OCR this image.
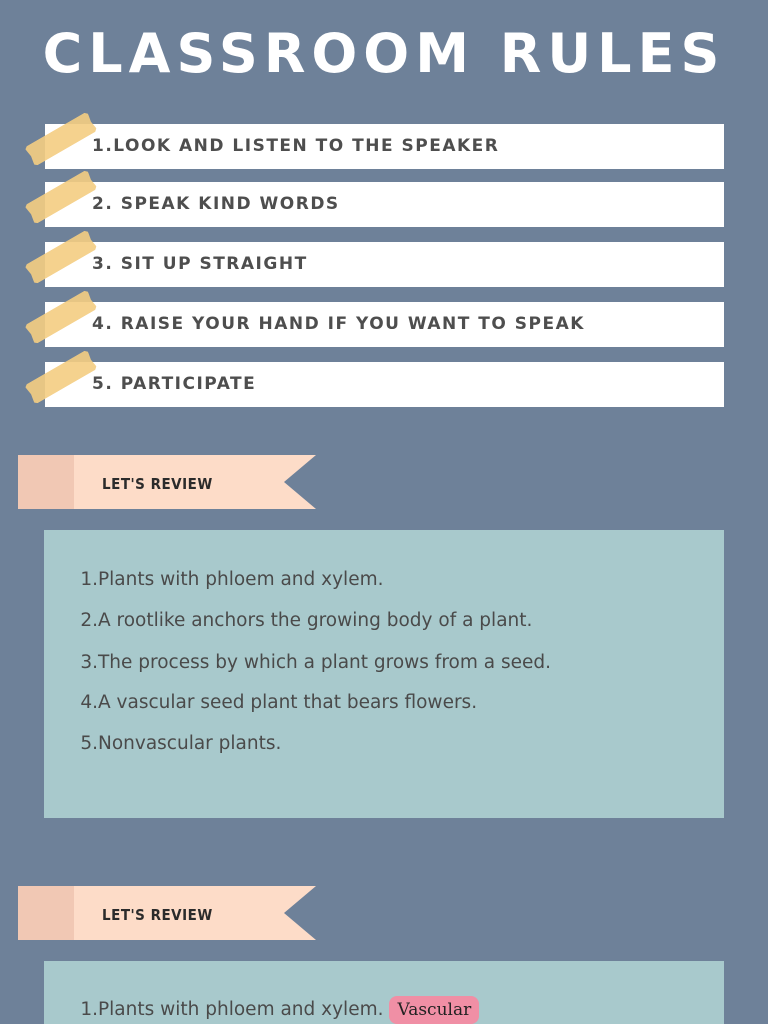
CLASSROOM RULES
1.LOOK AND LISTEN TO THE SPEAKER
2. SPEAK KIND WORDS
3. SIT UP STRAIGHT
4. RAISE YOUR HAND IF YOU WANT TO SPEAK
5. PARTICIPATE
LET'S REVIEW
1.Plants with phloem and xylem.
2.A rootlike anchors the growing body of a plant.
3.The process by which a plant grows from a seed.
4.A vascular seed plant that bears flowers.
5.Nonvascular plants.
LET'S REVIEW
1.Plants with phloem and xylem. Vascular
